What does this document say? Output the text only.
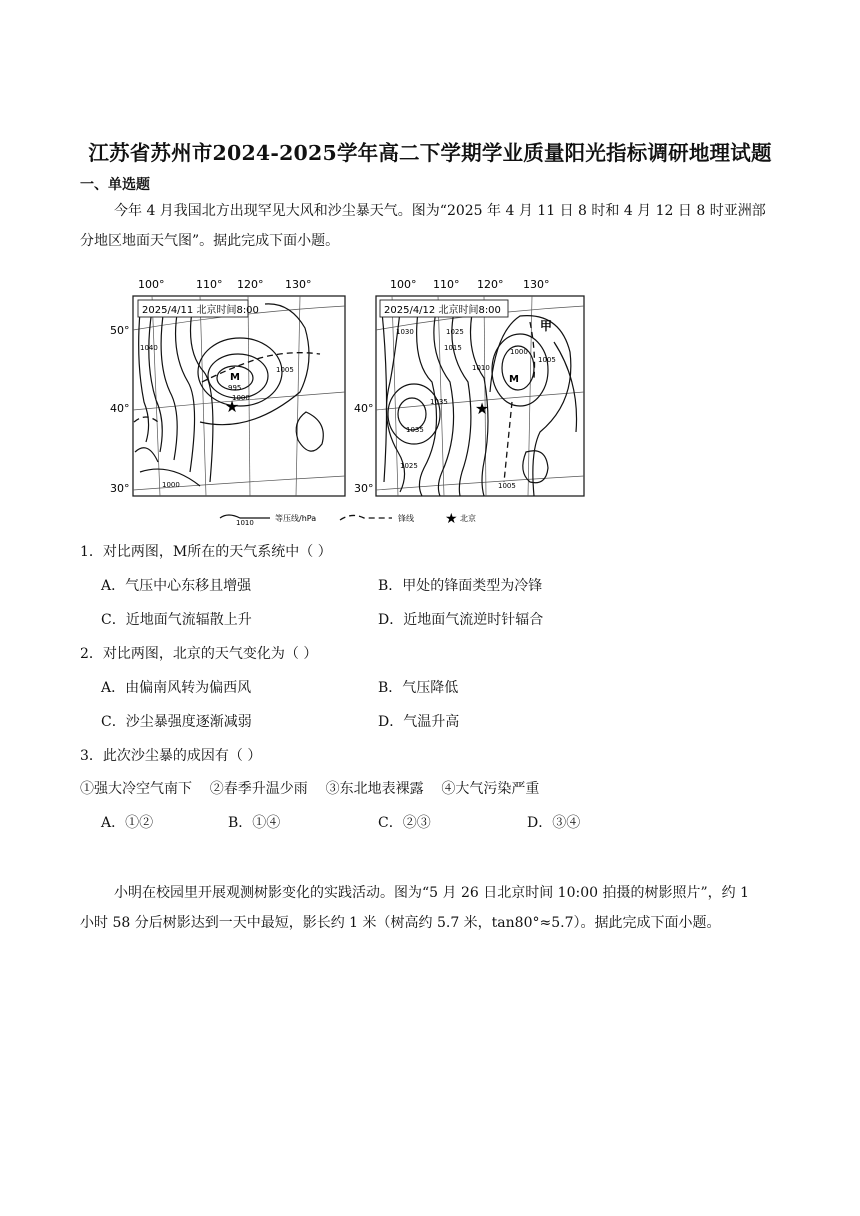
江苏省苏州市2024-2025学年高二下学期学业质量阳光指标调研地理试题
一、单选题
今年 4 月我国北方出现罕见大风和沙尘暴天气。图为“2025 年 4 月 11 日 8 时和 4 月 12 日 8 时亚洲部
分地区地面天气图”。据此完成下面小题。
100°	110° 120° 130°	100° 110° 120° 130°
50°
40°
30°
40°
30°
2025/4/11 北京时间8:00
M
1040
995
1000
1005
1000
★
2025/4/12 北京时间8:00
M
甲
1035
1030
1025
1015
1010
1000
1005
1035
1025
1005
★
1010	等压线/hPa	锋线 ★ 北京
1．对比两图，M所在的天气系统中（ ）
A．气压中心东移且增强	B．甲处的锋面类型为冷锋
C．近地面气流辐散上升	D．近地面气流逆时针辐合
2．对比两图，北京的天气变化为（ ）
A．由偏南风转为偏西风	B．气压降低
C．沙尘暴强度逐渐减弱	D．气温升高
3．此次沙尘暴的成因有（ ）
①强大冷空气南下    ②春季升温少雨    ③东北地表裸露    ④大气污染严重
A．①②	B．①④	C．②③	D．③④
小明在校园里开展观测树影变化的实践活动。图为“5 月 26 日北京时间 10:00 拍摄的树影照片”，约 1
小时 58 分后树影达到一天中最短，影长约 1 米（树高约 5.7 米，tan80°≈5.7）。据此完成下面小题。
